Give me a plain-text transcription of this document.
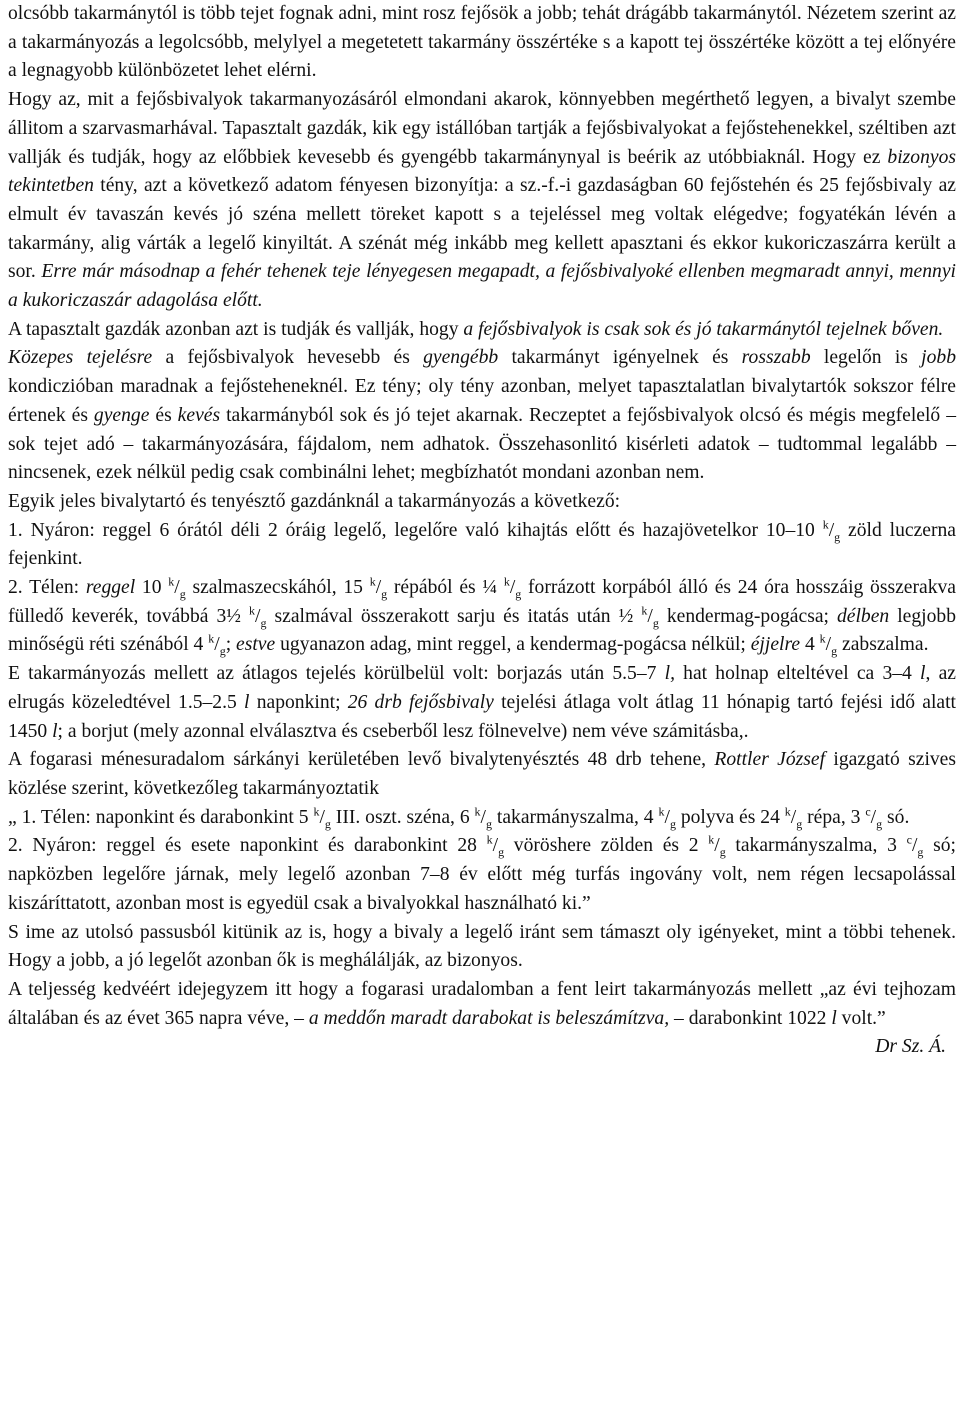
olcsóbb takarmánytól is több tejet fognak adni, mint rosz fejősök a jobb; tehát drágább takarmánytól. Nézetem szerint az a takarmányozás a legolcsóbb, melylyel a megetetett takarmány összértéke s a kapott tej összértéke között a tej előnyére a legnagyobb különbözetet lehet elérni.

Hogy az, mit a fejősbivalyok takarmanyozásáról elmondani akarok, könnyebben megérthető legyen, a bivalyt szembe állitom a szarvasmarhával. Tapasztalt gazdák, kik egy istállóban tartják a fejősbivalyokat a fejőstehenekkel, széltiben azt vallják és tudják, hogy az előbbiek kevesebb és gyengébb takarmánynyal is beérik az utóbbiaknál. Hogy ez bizonyos tekintetben tény, azt a következő adatom fényesen bizonyítja: a sz.-f.-i gazdaságban 60 fejőstehén és 25 fejősbivaly az elmult év tavaszán kevés jó széna mellett töreket kapott s a tejeléssel meg voltak elégedve; fogyatékán lévén a takarmány, alig várták a legelő kinyiltát. A szénát még inkább meg kellett apasztani és ekkor kukoriczaszárra került a sor. Erre már másodnap a fehér tehenek teje lényegesen megapadt, a fejősbivalyoké ellenben megmaradt annyi, mennyi a kukoriczaszár adagolása előtt.

A tapasztalt gazdák azonban azt is tudják és vallják, hogy a fejősbivalyok is csak sok és jó takarmánytól tejelnek bőven.

Közepes tejelésre a fejősbivalyok hevesebb és gyengébb takarmányt igényelnek és rosszabb legelőn is jobb kondiczióban maradnak a fejősteheneknél. Ez tény; oly tény azonban, melyet tapasztalatlan bivalytartók sokszor félre értenek és gyenge és kevés takarmányból sok és jó tejet akarnak. Reczeptet a fejősbivalyok olcsó és mégis megfelelő – sok tejet adó – takarmányozására, fájdalom, nem adhatok. Összehasonlitó kisérleti adatok – tudtommal legalább – nincsenek, ezek nélkül pedig csak combinálni lehet; megbízhatót mondani azonban nem.

Egyik jeles bivalytartó és tenyésztő gazdánknál a takarmányozás a következő:

1. Nyáron: reggel 6 órától déli 2 óráig legelő, legelőre való kihajtás előtt és hazajövetelkor 10–10 $^k/_g$ zöld luczerna fejenkint.

2. Télen: reggel 10 $^k/_g$ szalmaszecskáhól, 15 $^k/_g$ répából és ¼ $^k/_g$ forrázott korpából álló és 24 óra hosszáig összerakva fülledő keverék, továbbá 3½ $^k/_g$ szalmával összerakott sarju és itatás után ½ $^k/_g$ kendermag-pogácsa; délben legjobb minőségü réti szénából 4 $^k/_g$; estve ugyanazon adag, mint reggel, a kendermag-pogácsa nélkül; éjjelre 4 $^k/_g$ zabszalma.

E takarmányozás mellett az átlagos tejelés körülbelül volt: borjazás után 5.5–7 l, hat holnap elteltével ca 3–4 l, az elrugás közeledtével 1.5–2.5 l naponkint; 26 drb fejősbivaly tejelési átlaga volt átlag 11 hónapig tartó fejési idő alatt 1450 l; a borjut (mely azonnal elválasztva és cseberből lesz fölnevelve) nem véve számitásba,.

A fogarasi ménesuradalom sárkányi kerületében levő bivalytenyésztés 48 drb tehene, Rottler József igazgató szives közlése szerint, következőleg takarmányoztatik

„ 1. Télen: naponkint és darabonkint 5 $^k/_g$ III. oszt. széna, 6 $^k/_g$ takarmányszalma, 4 $^k/_g$ polyva és 24 $^k/_g$ répa, 3 $^c/_g$ só.

2. Nyáron: reggel és esete naponkint és darabonkint 28 $^k/_g$ vöröshere zölden és 2 $^k/_g$ takarmányszalma, 3 $^c/_g$ só; napközben legelőre járnak, mely legelő azonban 7–8 év előtt még turfás ingovány volt, nem régen lecsapolással kiszáríttatott, azonban most is egyedül csak a bivalyokkal használható ki.”

S ime az utolsó passusból kitünik az is, hogy a bivaly a legelő iránt sem támaszt oly igényeket, mint a többi tehenek. Hogy a jobb, a jó legelőt azonban ők is meghálálják, az bizonyos.

A teljesség kedvéért idejegyzem itt hogy a fogarasi uradalomban a fent leirt takarmányozás mellett „az évi tejhozam általában és az évet 365 napra véve, – a meddőn maradt darabokat is beleszámítzva, – darabonkint 1022 l volt.”

Dr Sz. Á.
